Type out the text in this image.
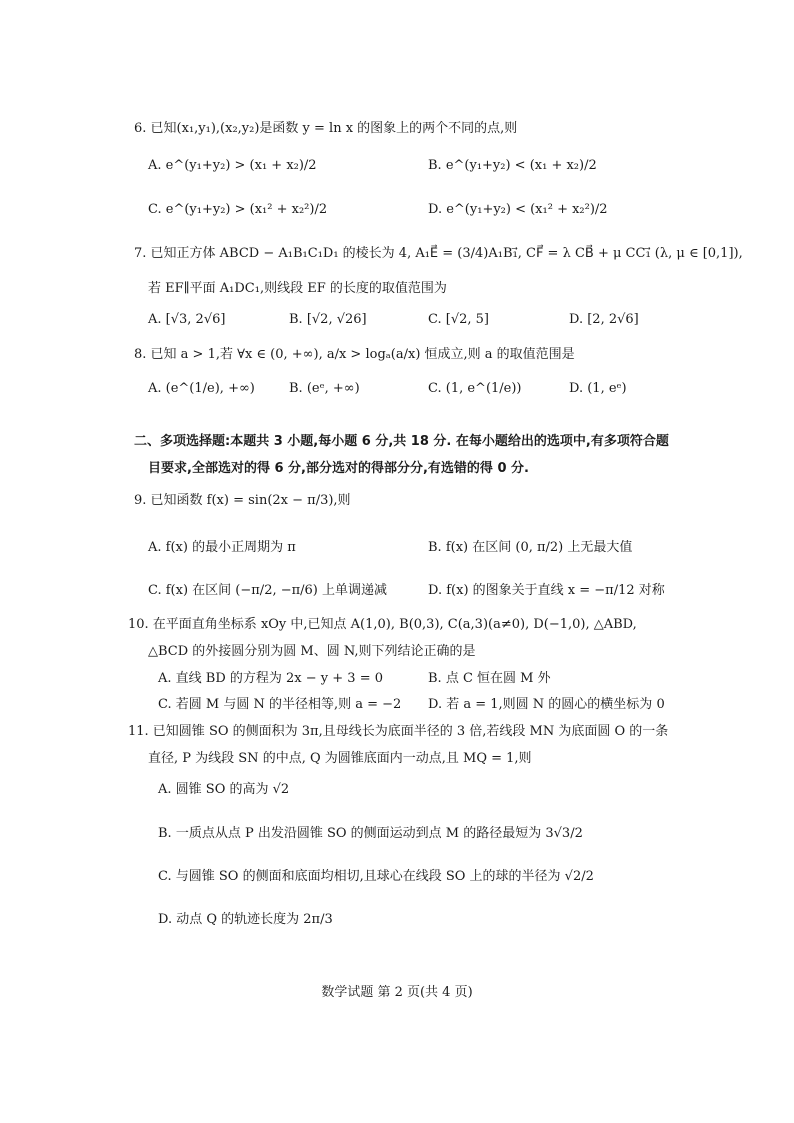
6. 已知(x₁,y₁),(x₂,y₂)是函数 y = ln x 的图象上的两个不同的点,则
A. e^(y₁+y₂) > (x₁ + x₂)/2	B. e^(y₁+y₂) < (x₁ + x₂)/2
C. e^(y₁+y₂) > (x₁² + x₂²)/2	D. e^(y₁+y₂) < (x₁² + x₂²)/2
7. 已知正方体 ABCD − A₁B₁C₁D₁ 的棱长为 4, A₁E⃗ = (3/4)A₁B₁⃗, CF⃗ = λ CB⃗ + μ CC₁⃗ (λ, μ ∈ [0,1]),
若 EF∥平面 A₁DC₁,则线段 EF 的长度的取值范围为
A. [√3, 2√6]	B. [√2, √26]	C. [√2, 5]	D. [2, 2√6]
8. 已知 a > 1,若 ∀x ∈ (0, +∞), a/x > logₐ(a/x) 恒成立,则 a 的取值范围是
A. (e^(1/e), +∞)	B. (eᵉ, +∞)	C. (1, e^(1/e))	D. (1, eᵉ)
二、多项选择题:本题共 3 小题,每小题 6 分,共 18 分. 在每小题给出的选项中,有多项符合题
目要求,全部选对的得 6 分,部分选对的得部分分,有选错的得 0 分.
9. 已知函数 f(x) = sin(2x − π/3),则
A. f(x) 的最小正周期为 π	B. f(x) 在区间 (0, π/2) 上无最大值
C. f(x) 在区间 (−π/2, −π/6) 上单调递减	D. f(x) 的图象关于直线 x = −π/12 对称
10. 在平面直角坐标系 xOy 中,已知点 A(1,0), B(0,3), C(a,3)(a≠0), D(−1,0), △ABD,
△BCD 的外接圆分别为圆 M、圆 N,则下列结论正确的是
A. 直线 BD 的方程为 2x − y + 3 = 0	B. 点 C 恒在圆 M 外
C. 若圆 M 与圆 N 的半径相等,则 a = −2 D. 若 a = 1,则圆 N 的圆心的横坐标为 0
11. 已知圆锥 SO 的侧面积为 3π,且母线长为底面半径的 3 倍,若线段 MN 为底面圆 O 的一条
直径, P 为线段 SN 的中点, Q 为圆锥底面内一动点,且 MQ = 1,则
A. 圆锥 SO 的高为 √2
B. 一质点从点 P 出发沿圆锥 SO 的侧面运动到点 M 的路径最短为 3√3/2
C. 与圆锥 SO 的侧面和底面均相切,且球心在线段 SO 上的球的半径为 √2/2
D. 动点 Q 的轨迹长度为 2π/3
数学试题 第 2 页(共 4 页)
